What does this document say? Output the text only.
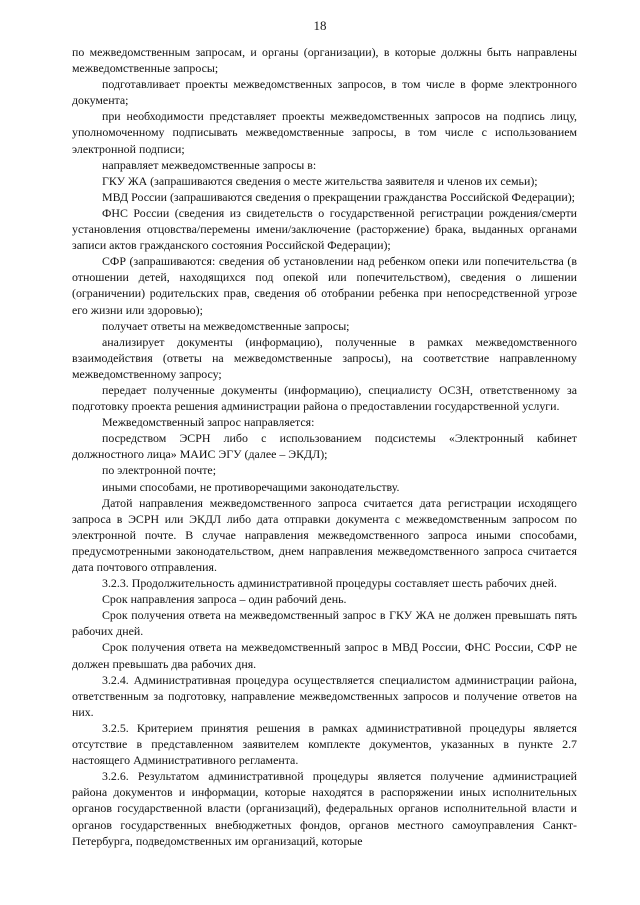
18

по межведомственным запросам, и органы (организации), в которые должны быть направлены межведомственные запросы;

подготавливает проекты межведомственных запросов, в том числе в форме электронного документа;

при необходимости представляет проекты межведомственных запросов на подпись лицу, уполномоченному подписывать межведомственные запросы, в том числе с использованием электронной подписи;

направляет межведомственные запросы в:

ГКУ ЖА (запрашиваются сведения о месте жительства заявителя и членов их семьи);

МВД России (запрашиваются сведения о прекращении гражданства Российской Федерации);

ФНС России (сведения из свидетельств о государственной регистрации рождения/смерти установления отцовства/перемены имени/заключение (расторжение) брака, выданных органами записи актов гражданского состояния Российской Федерации);

СФР (запрашиваются: сведения об установлении над ребенком опеки или попечительства (в отношении детей, находящихся под опекой или попечительством), сведения о лишении (ограничении) родительских прав, сведения об отобрании ребенка при непосредственной угрозе его жизни или здоровью);

получает ответы на межведомственные запросы;

анализирует документы (информацию), полученные в рамках межведомственного взаимодействия (ответы на межведомственные запросы), на соответствие направленному межведомственному запросу;

передает полученные документы (информацию), специалисту ОСЗН, ответственному за подготовку проекта решения администрации района о предоставлении государственной услуги.

Межведомственный запрос направляется:

посредством ЭСРН либо с использованием подсистемы «Электронный кабинет должностного лица» МАИС ЭГУ (далее – ЭКДЛ);

по электронной почте;

иными способами, не противоречащими законодательству.

Датой направления межведомственного запроса считается дата регистрации исходящего запроса в ЭСРН или ЭКДЛ либо дата отправки документа с межведомственным запросом по электронной почте. В случае направления межведомственного запроса иными способами, предусмотренными законодательством, днем направления межведомственного запроса считается дата почтового отправления.

3.2.3. Продолжительность административной процедуры составляет шесть рабочих дней.

Срок направления запроса – один рабочий день.

Срок получения ответа на межведомственный запрос в ГКУ ЖА не должен превышать пять рабочих дней.

Срок получения ответа на межведомственный запрос в МВД России, ФНС России, СФР не должен превышать два рабочих дня.

3.2.4. Административная процедура осуществляется специалистом администрации района, ответственным за подготовку, направление межведомственных запросов и получение ответов на них.

3.2.5. Критерием принятия решения в рамках административной процедуры является отсутствие в представленном заявителем комплекте документов, указанных в пункте 2.7 настоящего Административного регламента.

3.2.6. Результатом административной процедуры является получение администрацией района документов и информации, которые находятся в распоряжении иных исполнительных органов государственной власти (организаций), федеральных органов исполнительной власти и органов государственных внебюджетных фондов, органов местного самоуправления Санкт-Петербурга, подведомственных им организаций, которые
